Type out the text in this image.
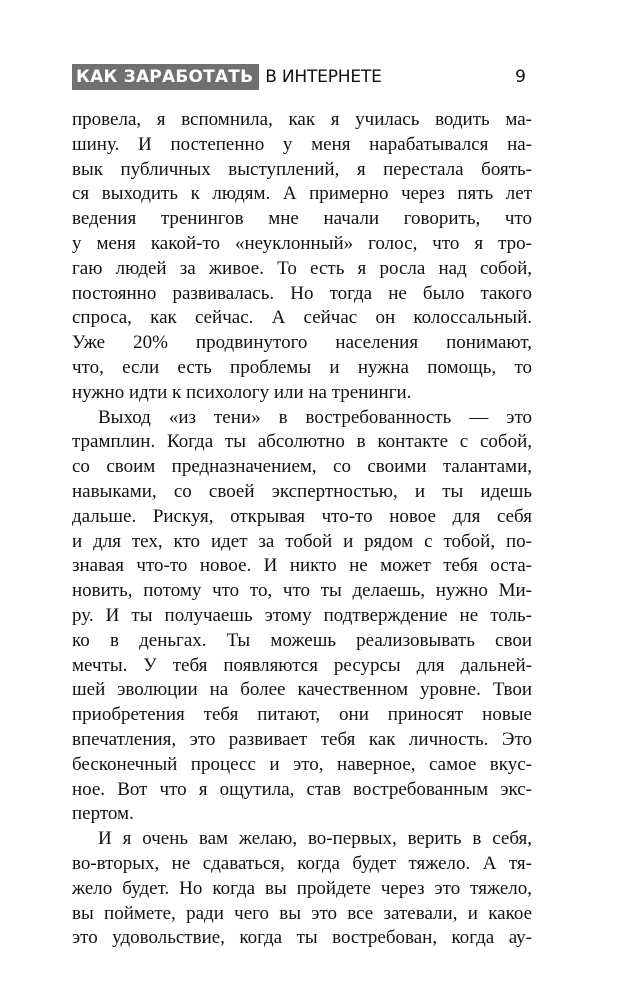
КАК ЗАРАБОТАТЬ В ИНТЕРНЕТЕ	9
провела, я вспомнила, как я училась водить ма-
шину. И постепенно у меня нарабатывался на-
вык публичных выступлений, я перестала боять-
ся выходить к людям. А примерно через пять лет
ведения тренингов мне начали говорить, что
у меня какой-то «неуклонный» голос, что я тро-
гаю людей за живое. То есть я росла над собой,
постоянно развивалась. Но тогда не было такого
спроса, как сейчас. А сейчас он колоссальный.
Уже 20% продвинутого населения понимают,
что, если есть проблемы и нужна помощь, то
нужно идти к психологу или на тренинги.
Выход «из тени» в востребованность — это
трамплин. Когда ты абсолютно в контакте с собой,
со своим предназначением, со своими талантами,
навыками, со своей экспертностью, и ты идешь
дальше. Рискуя, открывая что-то новое для себя
и для тех, кто идет за тобой и рядом с тобой, по-
знавая что-то новое. И никто не может тебя оста-
новить, потому что то, что ты делаешь, нужно Ми-
ру. И ты получаешь этому подтверждение не толь-
ко в деньгах. Ты можешь реализовывать свои
мечты. У тебя появляются ресурсы для дальней-
шей эволюции на более качественном уровне. Твои
приобретения тебя питают, они приносят новые
впечатления, это развивает тебя как личность. Это
бесконечный процесс и это, наверное, самое вкус-
ное. Вот что я ощутила, став востребованным экс-
пертом.
И я очень вам желаю, во-первых, верить в себя,
во-вторых, не сдаваться, когда будет тяжело. А тя-
жело будет. Но когда вы пройдете через это тяжело,
вы поймете, ради чего вы это все затевали, и какое
это удовольствие, когда ты востребован, когда ау-
